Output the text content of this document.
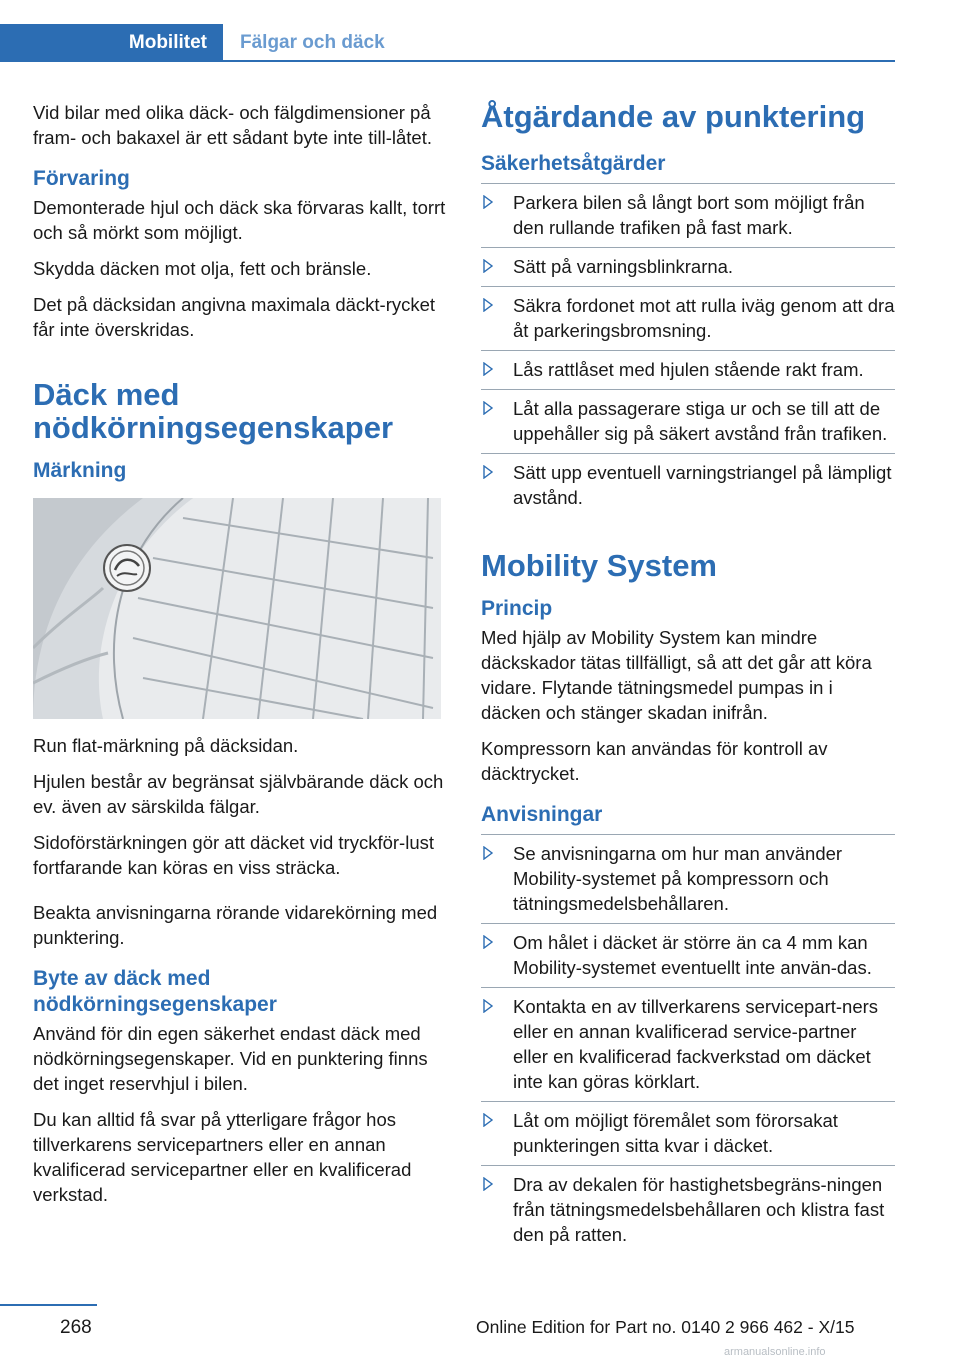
Mobilitet	Fälgar och däck

Vid bilar med olika däck- och fälgdimensioner på fram- och bakaxel är ett sådant byte inte till-låtet.

Förvaring

Demonterade hjul och däck ska förvaras kallt, torrt och så mörkt som möjligt.

Skydda däcken mot olja, fett och bränsle.

Det på däcksidan angivna maximala däckt-rycket får inte överskridas.

Däck med nödkörningsegenskaper
Märkning

Run flat-märkning på däcksidan.

Hjulen består av begränsat självbärande däck och ev. även av särskilda fälgar.

Sidoförstärkningen gör att däcket vid tryckför-lust fortfarande kan köras en viss sträcka.

Beakta anvisningarna rörande vidarekörning med punktering.

Byte av däck med nödkörningsegenskaper

Använd för din egen säkerhet endast däck med nödkörningsegenskaper. Vid en punktering finns det inget reservhjul i bilen.

Du kan alltid få svar på ytterligare frågor hos tillverkarens servicepartners eller en annan kvalificerad servicepartner eller en kvalificerad verkstad.

Åtgärdande av punktering
Säkerhetsåtgärder
Parkera bilen så långt bort som möjligt från den rullande trafiken på fast mark.
Sätt på varningsblinkrarna.
Säkra fordonet mot att rulla iväg genom att dra åt parkeringsbromsning.
Lås rattlåset med hjulen stående rakt fram.
Låt alla passagerare stiga ur och se till att de uppehåller sig på säkert avstånd från trafiken.
Sätt upp eventuell varningstriangel på lämpligt avstånd.
Mobility System
Princip

Med hjälp av Mobility System kan mindre däckskador tätas tillfälligt, så att det går att köra vidare. Flytande tätningsmedel pumpas in i däcken och stänger skadan inifrån.

Kompressorn kan användas för kontroll av däcktrycket.

Anvisningar
Se anvisningarna om hur man använder Mobility-systemet på kompressorn och tätningsmedelsbehållaren.
Om hålet i däcket är större än ca 4 mm kan Mobility-systemet eventuellt inte använ-das.
Kontakta en av tillverkarens servicepart-ners eller en annan kvalificerad service-partner eller en kvalificerad fackverkstad om däcket inte kan göras körklart.
Låt om möjligt föremålet som förorsakat punkteringen sitta kvar i däcket.
Dra av dekalen för hastighetsbegräns-ningen från tätningsmedelsbehållaren och klistra fast den på ratten.
268	Online Edition for Part no. 0140 2 966 462 - X/15
armanualsonline.info
